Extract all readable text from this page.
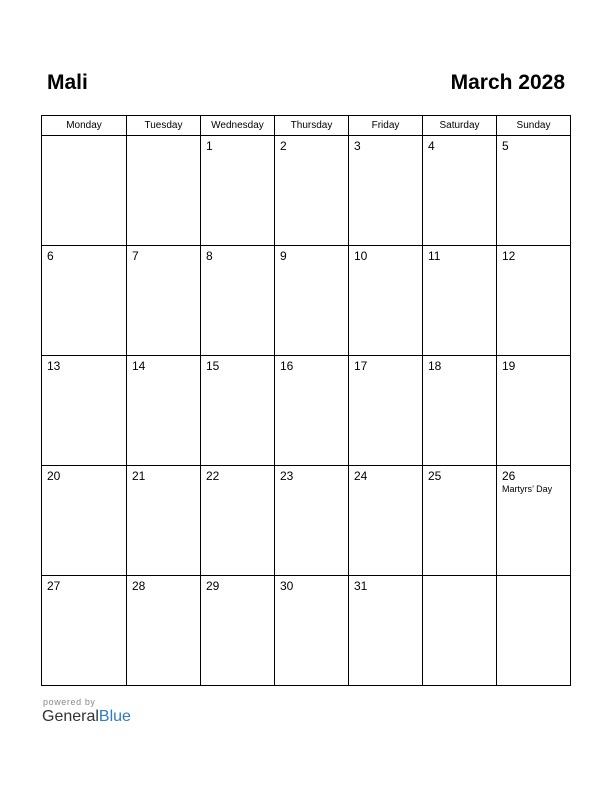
Mali	March 2028
Monday	Tuesday	Wednesday	Thursday	Friday	Saturday	Sunday

		1	2	3	4	5

6	7	8	9	10	11	12

13	14	15	16	17	18	19

20	21	22	23	24	25	26
Martyrs’ Day

27	28	29	30	31		

powered by
GeneralBlue
